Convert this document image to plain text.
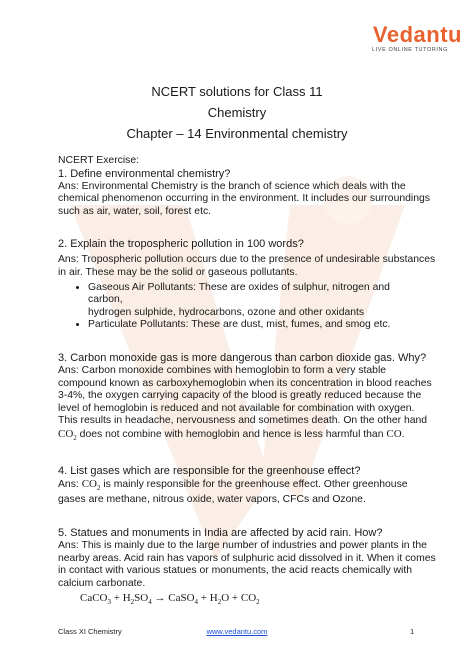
Vedantu
LIVE ONLINE TUTORING
NCERT solutions for Class 11
Chemistry
Chapter – 14 Environmental chemistry
NCERT Exercise:
1. Define environmental chemistry?
Ans: Environmental Chemistry is the branch of science which deals with the
chemical phenomenon occurring in the environment. It includes our surroundings
such as air, water, soil, forest etc.
2. Explain the tropospheric pollution in 100 words?
Ans: Tropospheric pollution occurs due to the presence of undesirable substances
in air. These may be the solid or gaseous pollutants.
• Gaseous Air Pollutants: These are oxides of sulphur, nitrogen and carbon,
hydrogen sulphide, hydrocarbons, ozone and other oxidants
• Particulate Pollutants: These are dust, mist, fumes, and smog etc.
3. Carbon monoxide gas is more dangerous than carbon dioxide gas. Why?
Ans: Carbon monoxide combines with hemoglobin to form a very stable
compound known as carboxyhemoglobin when its concentration in blood reaches
3-4%, the oxygen carrying capacity of the blood is greatly reduced because the
level of hemoglobin is reduced and not available for combination with oxygen.
This results in headache, nervousness and sometimes death. On the other hand
$CO_2$ does not combine with hemoglobin and hence is less harmful than CO.
4. List gases which are responsible for the greenhouse effect?
Ans: $CO_2$ is mainly responsible for the greenhouse effect. Other greenhouse
gases are methane, nitrous oxide, water vapors, CFCs and Ozone.
5. Statues and monuments in India are affected by acid rain. How?
Ans: This is mainly due to the large number of industries and power plants in the
nearby areas. Acid rain has vapors of sulphuric acid dissolved in it. When it comes
in contact with various statues or monuments, the acid reacts chemically with
calcium carbonate.
CaCO$_3$ + $H_2SO_4$ → CaSO$_4$ + $H_2O + CO_2$
Class XI Chemistry	www.vedantu.com	1
